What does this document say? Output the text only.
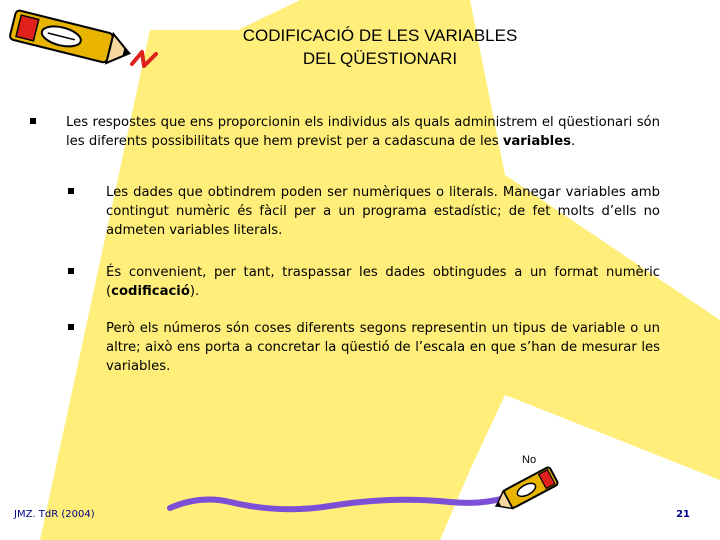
CODIFICACIÓ DE LES VARIABLES
DEL QÜESTIONARI
Les respostes que ens proporcionin els individus als quals administrem el qüestionari són les diferents possibilitats que hem previst per a cadascuna de les variables.
Les dades que obtindrem poden ser numèriques o literals. Manegar variables amb contingut numèric és fàcil per a un programa estadístic; de fet molts d’ells no admeten variables literals.
És convenient, per tant, traspassar les dades obtingudes a un format numèric (codificació).
Però els números són coses diferents segons representin un tipus de variable o un altre; això ens porta a concretar la qüestió de l’escala en que s’han de mesurar les variables.
No
JMZ. TdR (2004)	21
